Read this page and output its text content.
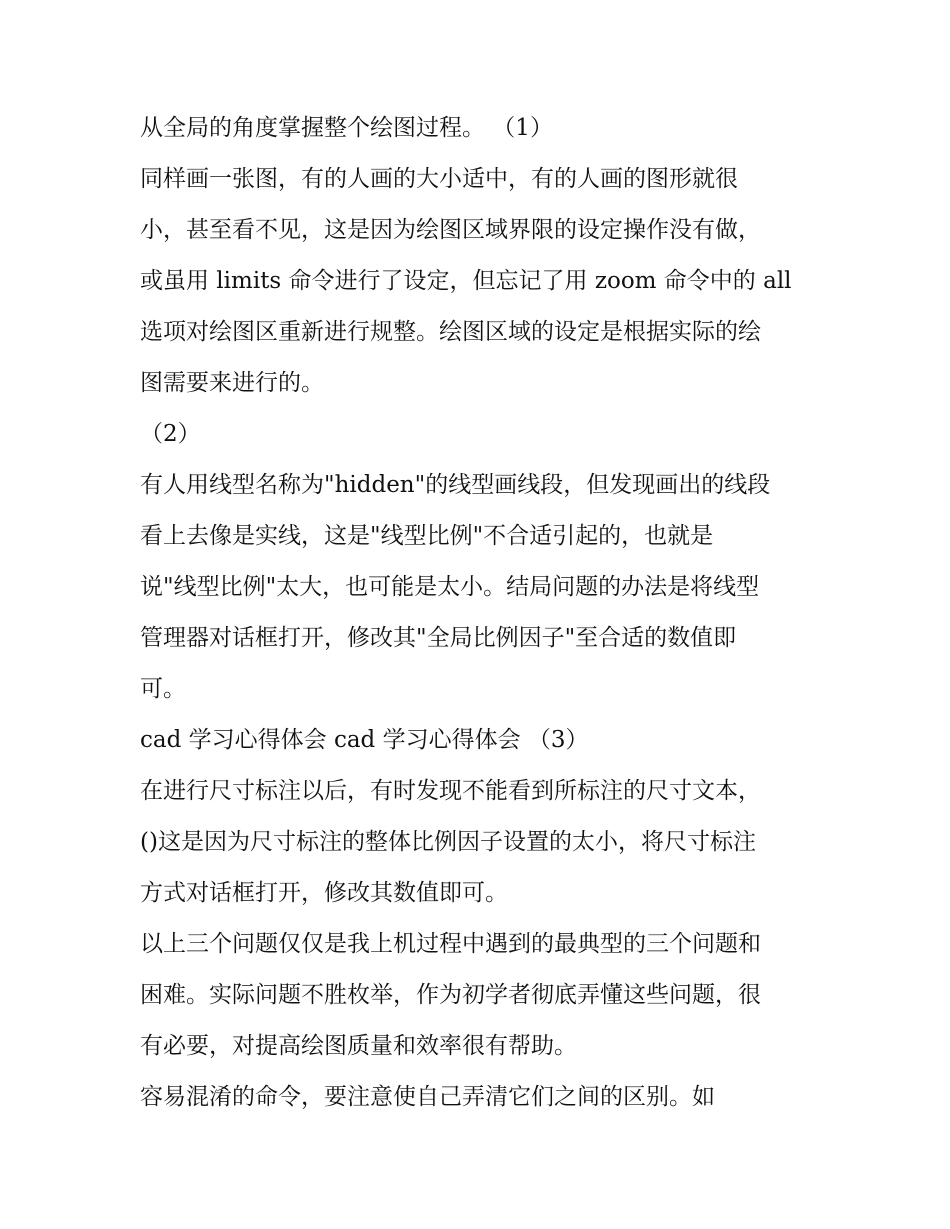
从全局的角度掌握整个绘图过程。 （1）
同样画一张图，有的人画的大小适中，有的人画的图形就很
小，甚至看不见，这是因为绘图区域界限的设定操作没有做，
或虽用 limits 命令进行了设定，但忘记了用 zoom 命令中的 all
选项对绘图区重新进行规整。绘图区域的设定是根据实际的绘
图需要来进行的。
（2）
有人用线型名称为"hidden"的线型画线段，但发现画出的线段
看上去像是实线，这是"线型比例"不合适引起的，也就是
说"线型比例"太大，也可能是太小。结局问题的办法是将线型
管理器对话框打开，修改其"全局比例因子"至合适的数值即
可。
cad 学习心得体会 cad 学习心得体会 （3）
在进行尺寸标注以后，有时发现不能看到所标注的尺寸文本，
()这是因为尺寸标注的整体比例因子设置的太小，将尺寸标注
方式对话框打开，修改其数值即可。
以上三个问题仅仅是我上机过程中遇到的最典型的三个问题和
困难。实际问题不胜枚举，作为初学者彻底弄懂这些问题，很
有必要，对提高绘图质量和效率很有帮助。
容易混淆的命令，要注意使自己弄清它们之间的区别。如
